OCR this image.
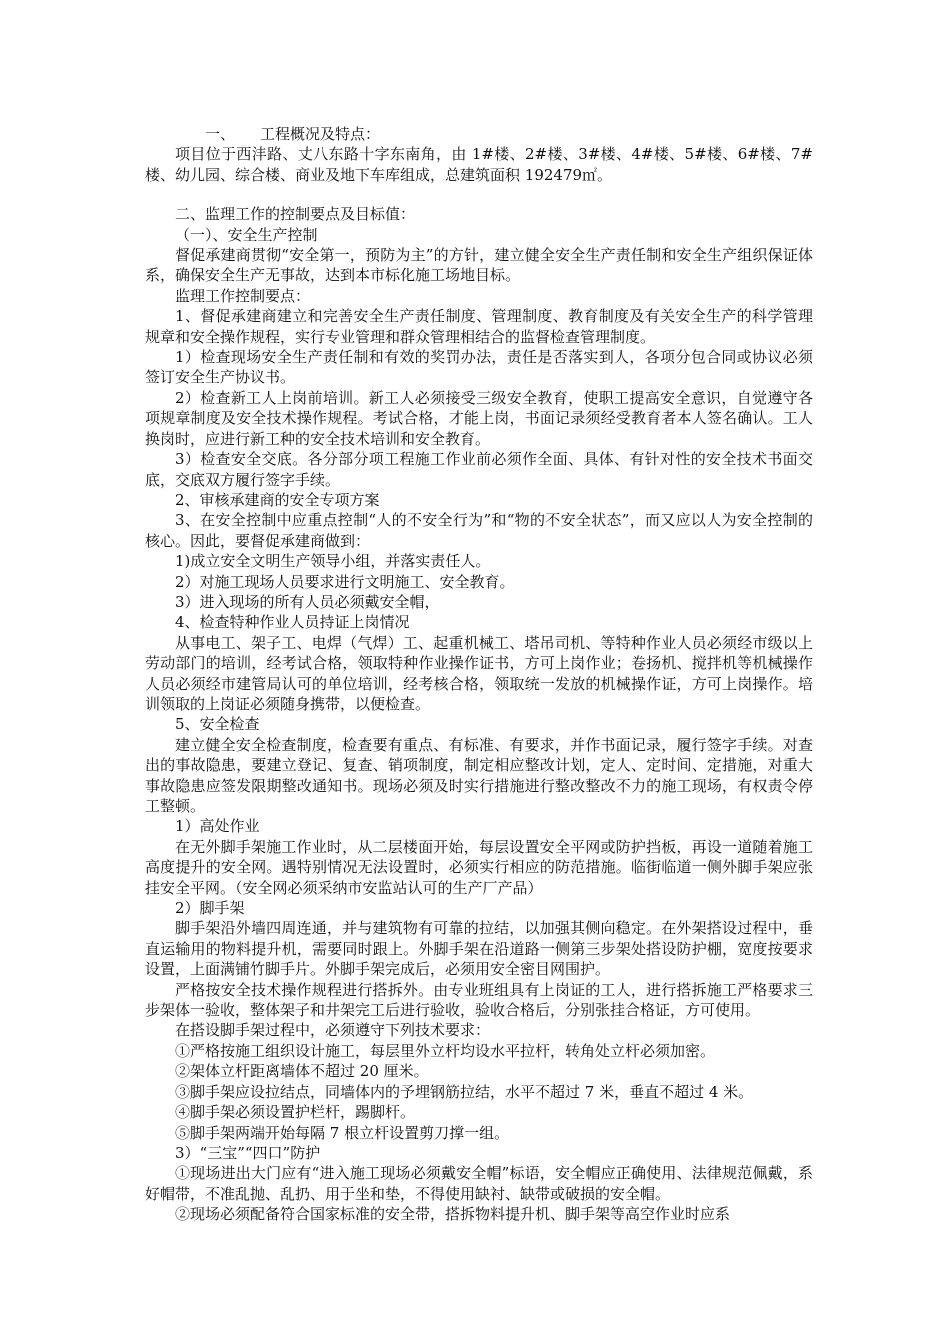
一、 工程概况及特点：

项目位于西沣路、丈八东路十字东南角，由 1#楼、2#楼、3#楼、4#楼、5#楼、6#楼、7#楼、幼儿园、综合楼、商业及地下车库组成，总建筑面积 192479㎡。

二、监理工作的控制要点及目标值：

（一）、安全生产控制

督促承建商贯彻“安全第一，预防为主”的方针，建立健全安全生产责任制和安全生产组织保证体系，确保安全生产无事故，达到本市标化施工场地目标。

监理工作控制要点：

1、督促承建商建立和完善安全生产责任制度、管理制度、教育制度及有关安全生产的科学管理规章和安全操作规程，实行专业管理和群众管理相结合的监督检查管理制度。

1）检查现场安全生产责任制和有效的奖罚办法，责任是否落实到人，各项分包合同或协议必须签订安全生产协议书。

2）检查新工人上岗前培训。新工人必须接受三级安全教育，使职工提高安全意识，自觉遵守各项规章制度及安全技术操作规程。考试合格，才能上岗，书面记录须经受教育者本人签名确认。工人换岗时，应进行新工种的安全技术培训和安全教育。

3）检查安全交底。各分部分项工程施工作业前必须作全面、具体、有针对性的安全技术书面交底，交底双方履行签字手续。

2、审核承建商的安全专项方案

3、在安全控制中应重点控制“人的不安全行为”和“物的不安全状态”，而又应以人为安全控制的核心。因此，要督促承建商做到：

1)成立安全文明生产领导小组，并落实责任人。

2）对施工现场人员要求进行文明施工、安全教育。

3）进入现场的所有人员必须戴安全帽，

4、检查特种作业人员持证上岗情况

从事电工、架子工、电焊（气焊）工、起重机械工、塔吊司机、等特种作业人员必须经市级以上劳动部门的培训，经考试合格，领取特种作业操作证书，方可上岗作业；卷扬机、搅拌机等机械操作人员必须经市建管局认可的单位培训，经考核合格，领取统一发放的机械操作证，方可上岗操作。培训领取的上岗证必须随身携带，以便检查。

5、安全检查

建立健全安全检查制度，检查要有重点、有标准、有要求，并作书面记录，履行签字手续。对查出的事故隐患，要建立登记、复查、销项制度，制定相应整改计划，定人、定时间、定措施，对重大事故隐患应签发限期整改通知书。现场必须及时实行措施进行整改整改不力的施工现场，有权责令停工整顿。

1）高处作业

在无外脚手架施工作业时，从二层楼面开始，每层设置安全平网或防护挡板，再设一道随着施工高度提升的安全网。遇特别情况无法设置时，必须实行相应的防范措施。临街临道一侧外脚手架应张挂安全平网。（安全网必须采纳市安监站认可的生产厂产品）

2）脚手架

脚手架沿外墙四周连通，并与建筑物有可靠的拉结，以加强其侧向稳定。在外架搭设过程中，垂直运输用的物料提升机，需要同时跟上。外脚手架在沿道路一侧第三步架处搭设防护棚，宽度按要求设置，上面满铺竹脚手片。外脚手架完成后，必须用安全密目网围护。

严格按安全技术操作规程进行搭拆外。由专业班组具有上岗证的工人，进行搭拆施工严格要求三步架体一验收，整体架子和井架完工后进行验收，验收合格后，分别张挂合格证，方可使用。

在搭设脚手架过程中，必须遵守下列技术要求：

①严格按施工组织设计施工，每层里外立杆均设水平拉杆，转角处立杆必须加密。

②架体立杆距离墙体不超过 20 厘米。

③脚手架应设拉结点，同墙体内的予埋钢筋拉结，水平不超过 7 米，垂直不超过 4 米。

④脚手架必须设置护栏杆，踢脚杆。

⑤脚手架两端开始每隔 7 根立杆设置剪刀撑一组。

3）“三宝”“四口”防护

①现场进出大门应有“进入施工现场必须戴安全帽”标语，安全帽应正确使用、法律规范佩戴，系好帽带，不准乱抛、乱扔、用于坐和垫，不得使用缺衬、缺带或破损的安全帽。

②现场必须配备符合国家标准的安全带，搭拆物料提升机、脚手架等高空作业时应系
